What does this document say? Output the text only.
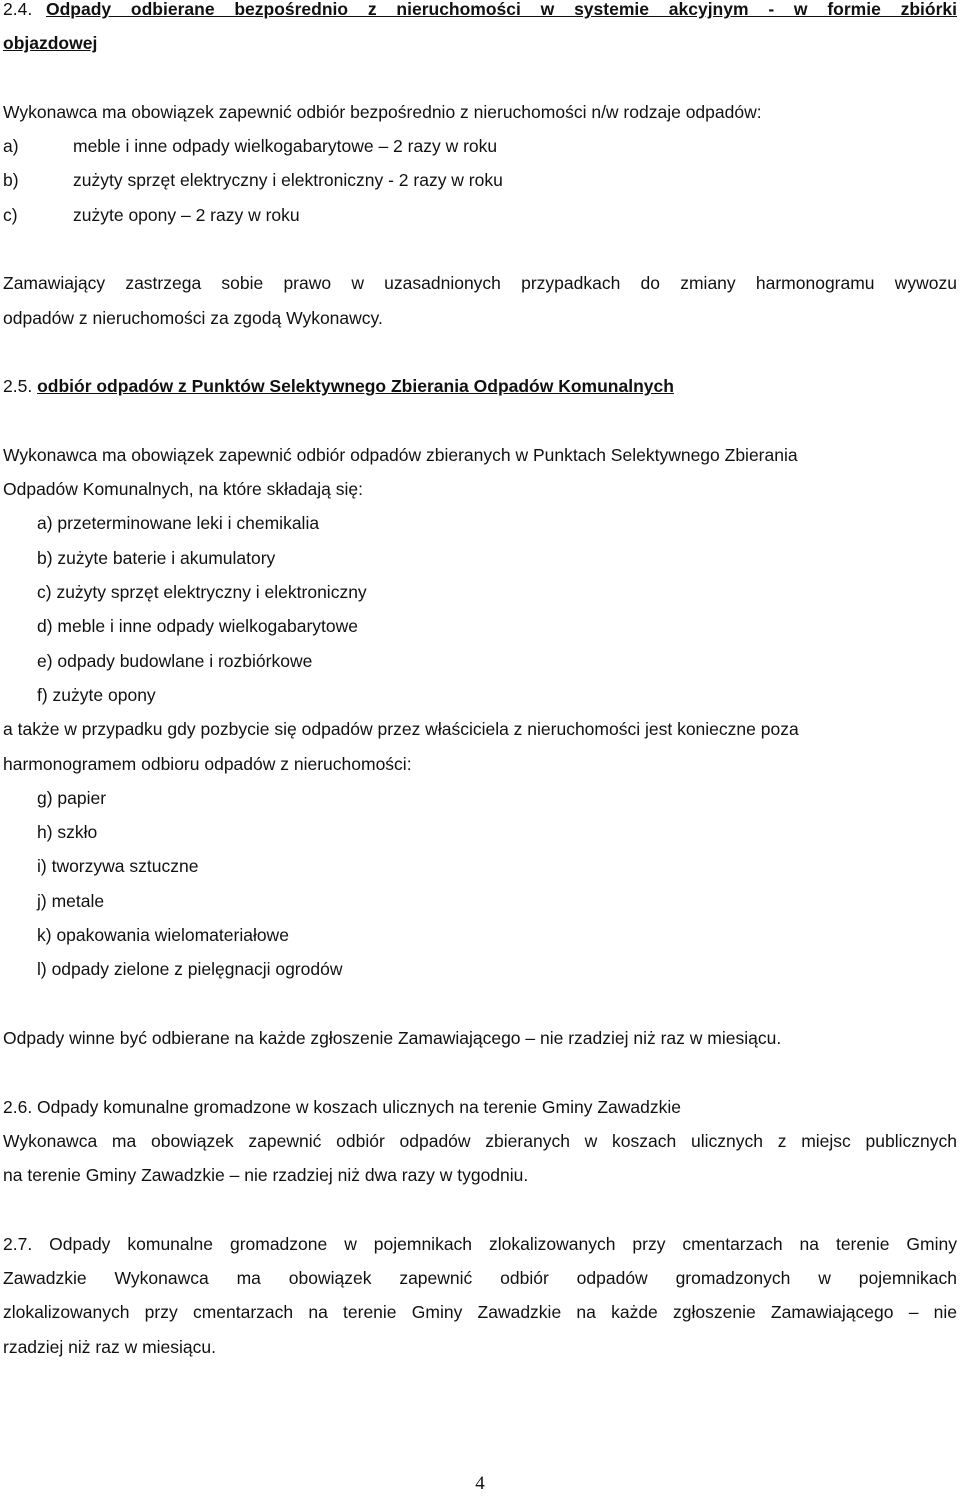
2.4. Odpady odbierane bezpośrednio z nieruchomości w systemie akcyjnym - w formie zbiórki
objazdowej
Wykonawca ma obowiązek zapewnić odbiór bezpośrednio z nieruchomości n/w rodzaje odpadów:
a)	meble i inne odpady wielkogabarytowe – 2 razy w roku
b)	zużyty sprzęt elektryczny i elektroniczny - 2 razy w roku
c)	zużyte opony – 2 razy w roku
Zamawiający zastrzega sobie prawo w uzasadnionych przypadkach do zmiany harmonogramu wywozu
odpadów z nieruchomości za zgodą Wykonawcy.
2.5. odbiór odpadów z Punktów Selektywnego Zbierania Odpadów Komunalnych
Wykonawca ma obowiązek zapewnić odbiór odpadów zbieranych w Punktach Selektywnego Zbierania
Odpadów Komunalnych, na które składają się:
a) przeterminowane leki i chemikalia
b) zużyte baterie i akumulatory
c) zużyty sprzęt elektryczny i elektroniczny
d) meble i inne odpady wielkogabarytowe
e) odpady budowlane i rozbiórkowe
f) zużyte opony
a także w przypadku gdy pozbycie się odpadów przez właściciela z nieruchomości jest konieczne poza
harmonogramem odbioru odpadów z nieruchomości:
g) papier
h) szkło
i) tworzywa sztuczne
j) metale
k) opakowania wielomateriałowe
l) odpady zielone z pielęgnacji ogrodów
Odpady winne być odbierane na każde zgłoszenie Zamawiającego – nie rzadziej niż raz w miesiącu.
2.6. Odpady komunalne gromadzone w koszach ulicznych na terenie Gminy Zawadzkie
Wykonawca ma obowiązek zapewnić odbiór odpadów zbieranych w koszach ulicznych z miejsc publicznych
na terenie Gminy Zawadzkie – nie rzadziej niż dwa razy w tygodniu.
2.7. Odpady komunalne gromadzone w pojemnikach zlokalizowanych przy cmentarzach na terenie Gminy
Zawadzkie Wykonawca ma obowiązek zapewnić odbiór odpadów gromadzonych w pojemnikach
zlokalizowanych przy cmentarzach na terenie Gminy Zawadzkie na każde zgłoszenie Zamawiającego – nie
rzadziej niż raz w miesiącu.
4
